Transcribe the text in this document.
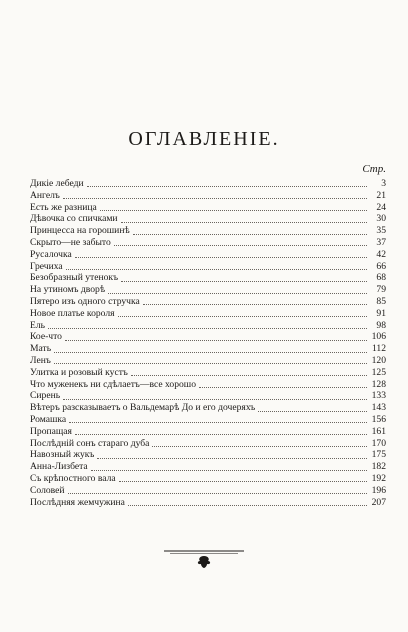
ОГЛАВЛЕНIЕ.
Стр.
Дикiе лебеди	3
Ангелъ	21
Есть же разница	24
Дѣвочка со спичками	30
Принцесса на горошинѣ	35
Скрыто—не забыто	37
Русалочка	42
Гречиха	66
Безобразный утенокъ	68
На утиномъ дворѣ	79
Пятеро изъ одного стручка	85
Новое платье короля	91
Ель	98
Кое-что	106
Мать	112
Ленъ	120
Улитка и розовый кустъ	125
Что муженекъ ни сдѣлаетъ—все хорошо	128
Сирень	133
Вѣтеръ разсказываетъ о Вальдемарѣ До и его дочеряхъ	143
Ромашка	156
Пропащая	161
Послѣднiй сонъ стараго дуба	170
Навозный жукъ	175
Анна-Лизбета	182
Съ крѣпостного вала	192
Соловей	196
Послѣдняя жемчужина	207
